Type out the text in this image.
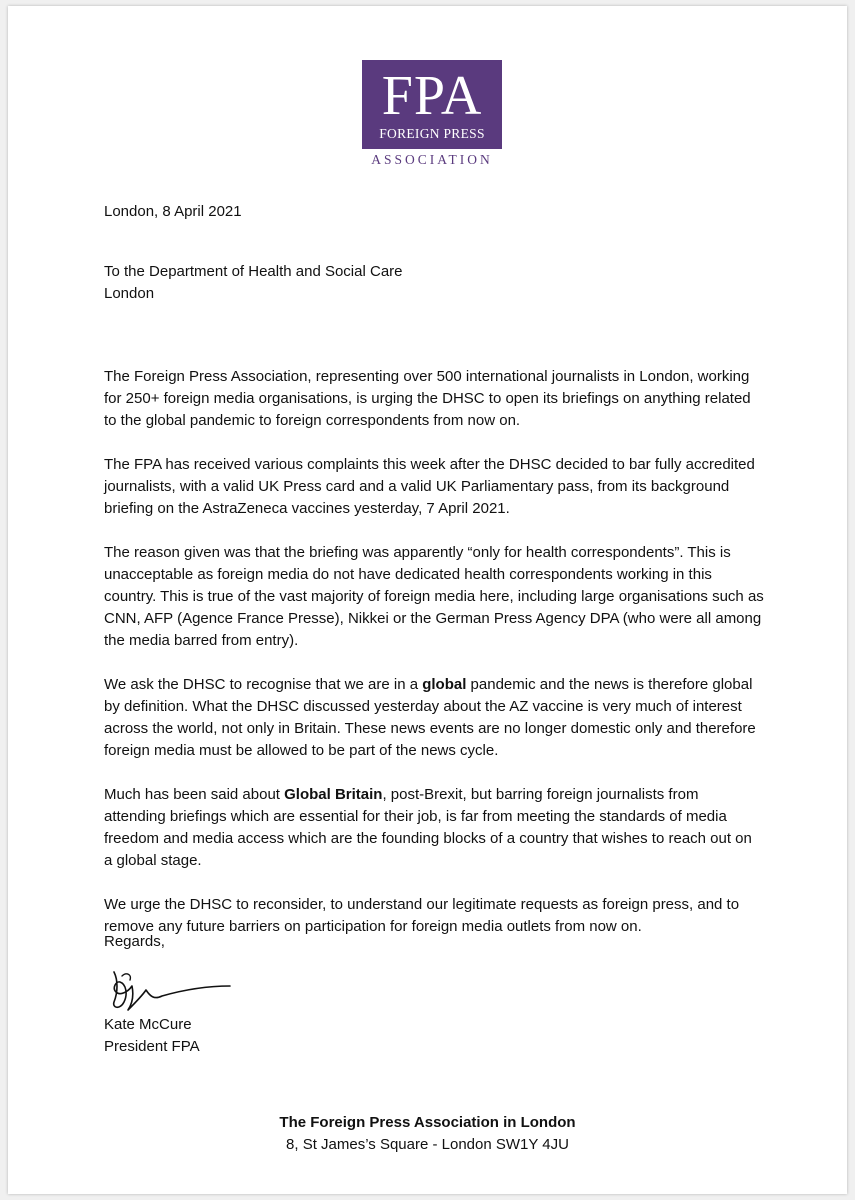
FPA
FOREIGN PRESS
ASSOCIATION
London, 8 April 2021

To the Department of Health and Social Care

London

The Foreign Press Association, representing over 500 international journalists in London, working for 250+ foreign media organisations, is urging the DHSC to open its briefings on anything related to the global pandemic to foreign correspondents from now on.

The FPA has received various complaints this week after the DHSC decided to bar fully accredited journalists, with a valid UK Press card and a valid UK Parliamentary pass, from its background briefing on the AstraZeneca vaccines yesterday, 7 April 2021.

The reason given was that the briefing was apparently “only for health correspondents”. This is unacceptable as foreign media do not have dedicated health correspondents working in this country. This is true of the vast majority of foreign media here, including large organisations such as CNN, AFP (Agence France Presse), Nikkei or the German Press Agency DPA (who were all among the media barred from entry).

We ask the DHSC to recognise that we are in a global pandemic and the news is therefore global by definition. What the DHSC discussed yesterday about the AZ vaccine is very much of interest across the world, not only in Britain. These news events are no longer domestic only and therefore foreign media must be allowed to be part of the news cycle.

Much has been said about Global Britain, post-Brexit, but barring foreign journalists from attending briefings which are essential for their job, is far from meeting the standards of media freedom and media access which are the founding blocks of a country that wishes to reach out on a global stage.

We urge the DHSC to reconsider, to understand our legitimate requests as foreign press, and to remove any future barriers on participation for foreign media outlets from now on.

Regards,

Kate McCure

President FPA

The Foreign Press Association in London
8, St James’s Square - London SW1Y 4JU
